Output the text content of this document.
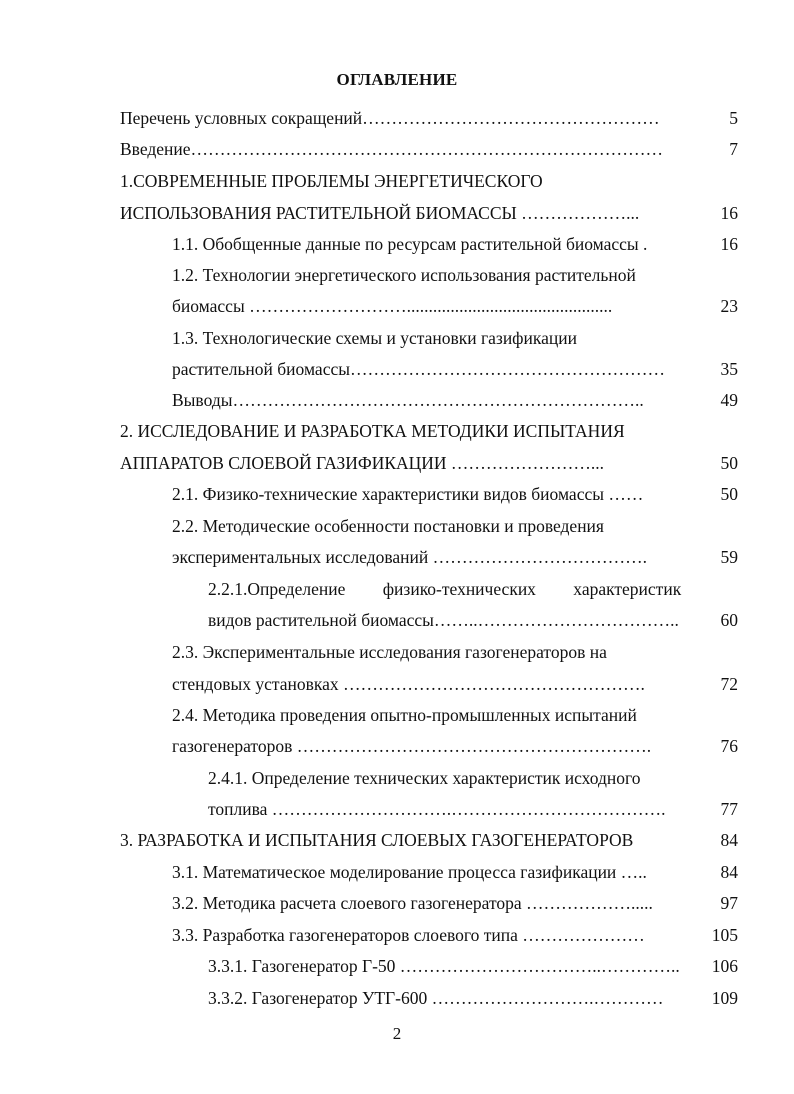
ОГЛАВЛЕНИЕ
Перечень условных сокращений……………………………………………	5
Введение………………………………………………………………………	7
1.СОВРЕМЕННЫЕ ПРОБЛЕМЫ ЭНЕРГЕТИЧЕСКОГО
ИСПОЛЬЗОВАНИЯ РАСТИТЕЛЬНОЙ БИОМАССЫ ………………...	16
1.1. Обобщенные данные по ресурсам растительной биомассы .	16
1.2. Технологии энергетического использования растительной
биомассы ………………………...............................................	23
1.3. Технологические схемы и установки газификации
растительной биомассы………………………………………………	35
Выводы……………………………………………………………..	49
2. ИССЛЕДОВАНИЕ И РАЗРАБОТКА МЕТОДИКИ ИСПЫТАНИЯ
АППАРАТОВ СЛОЕВОЙ ГАЗИФИКАЦИИ ……………………...	50
2.1. Физико-технические характеристики видов биомассы ……	50
2.2. Методические особенности постановки и проведения
экспериментальных исследований ……………………………….	59
2.2.1.Определение физико-технических характеристик
видов растительной биомассы……..……………………………..	60
2.3. Экспериментальные исследования газогенераторов на
стендовых установках …………………………………………….	72
2.4. Методика проведения опытно-промышленных испытаний
газогенераторов …………………………………………………….	76
2.4.1. Определение технических характеристик исходного
топлива ………………………….……………………………….	77
3. РАЗРАБОТКА И ИСПЫТАНИЯ СЛОЕВЫХ ГАЗОГЕНЕРАТОРОВ	84
3.1. Математическое моделирование процесса газификации …..	84
3.2. Методика расчета слоевого газогенератора ……………….....	97
3.3. Разработка газогенераторов слоевого типа …………………	105
3.3.1. Газогенератор Г-50 ……………………………..…………..	106
3.3.2. Газогенератор УТГ-600 ……………………….…………	109
2
